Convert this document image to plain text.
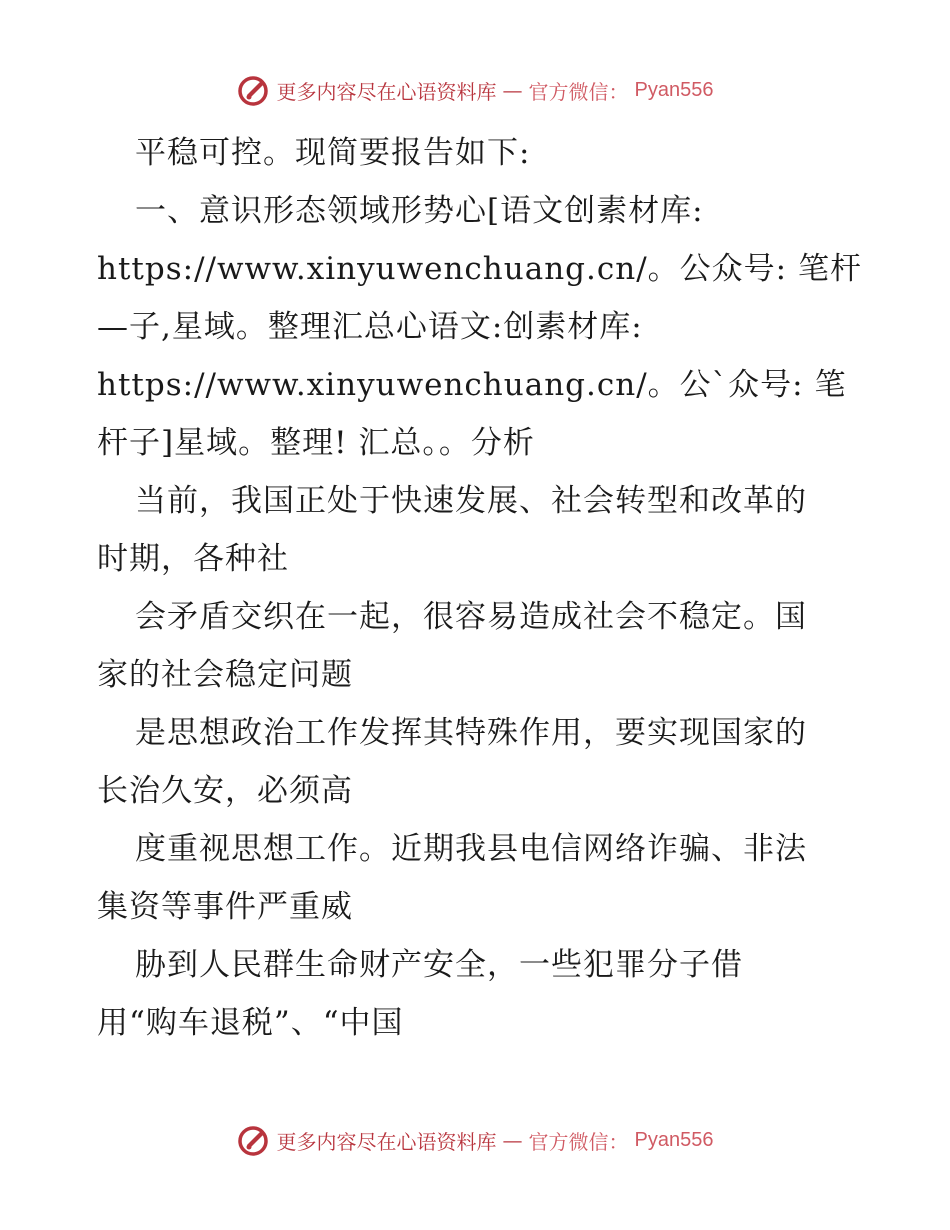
更多内容尽在心语资料库 — 官方微信： Pyan556
平稳可控。现简要报告如下:
一、意识形态领域形势心[语文创素材库:
https://www.xinyuwenchuang.cn/。公众号: 笔杆
—子,星域。整理汇总心语文:创素材库:
https://www.xinyuwenchuang.cn/。公`众号: 笔
杆子]星域。整理! 汇总。。分析
当前，我国正处于快速发展、社会转型和改革的
时期，各种社
会矛盾交织在一起，很容易造成社会不稳定。国
家的社会稳定问题
是思想政治工作发挥其特殊作用，要实现国家的
长治久安，必须高
度重视思想工作。近期我县电信网络诈骗、非法
集资等事件严重威
胁到人民群生命财产安全，一些犯罪分子借
用“购车退税”、“中国
更多内容尽在心语资料库 — 官方微信： Pyan556
